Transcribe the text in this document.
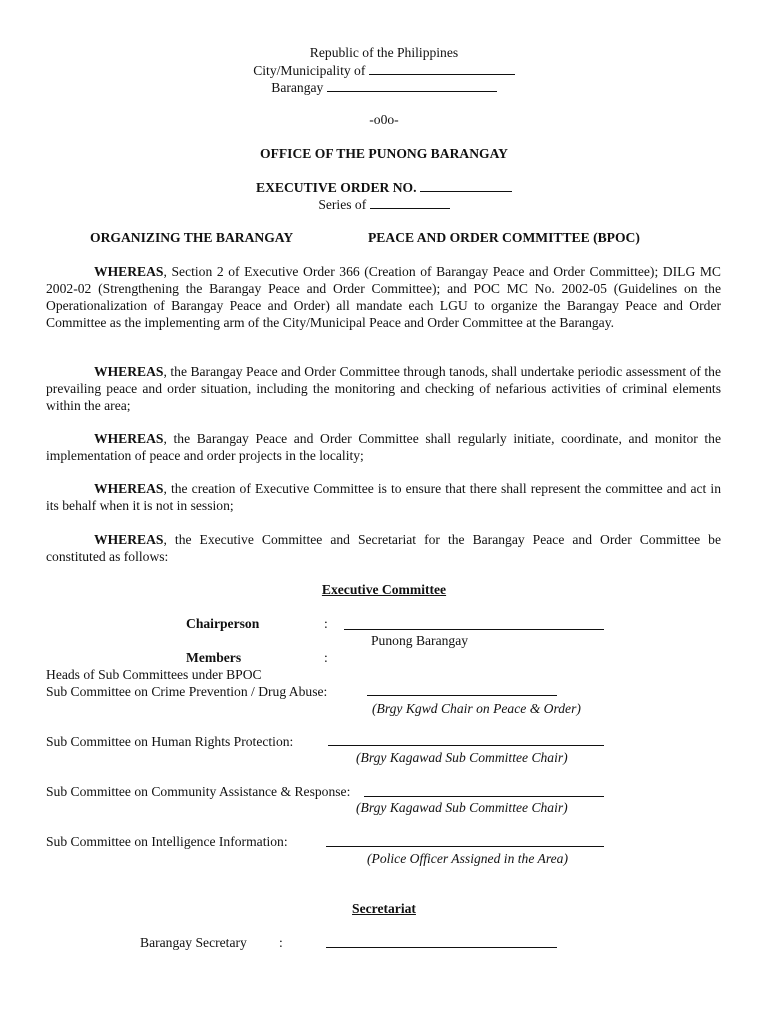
Republic of the Philippines
City/Municipality of
Barangay
-o0o-
OFFICE OF THE PUNONG BARANGAY
EXECUTIVE ORDER NO.
Series of
ORGANIZING THE BARANGAY	PEACE AND ORDER COMMITTEE (BPOC)
WHEREAS, Section 2 of Executive Order 366 (Creation of Barangay Peace and Order Committee); DILG MC 2002-02 (Strengthening the Barangay Peace and Order Committee); and POC MC No. 2002-05 (Guidelines on the Operationalization of Barangay Peace and Order) all mandate each LGU to organize the Barangay Peace and Order Committee as the implementing arm of the City/Municipal Peace and Order Committee at the Barangay.
WHEREAS, the Barangay Peace and Order Committee through tanods, shall undertake periodic assessment of the prevailing peace and order situation, including the monitoring and checking of nefarious activities of criminal elements within the area;
WHEREAS, the Barangay Peace and Order Committee shall regularly initiate, coordinate, and monitor the implementation of peace and order projects in the locality;
WHEREAS, the creation of Executive Committee is to ensure that there shall represent the committee and act in its behalf when it is not in session;
WHEREAS, the Executive Committee and Secretariat for the Barangay Peace and Order Committee be constituted as follows:
Executive Committee
Chairperson	:
Punong Barangay
Members	:
Heads of Sub Committees under BPOC
Sub Committee on Crime Prevention / Drug Abuse:
(Brgy Kgwd Chair on Peace & Order)
Sub Committee on Human Rights Protection:
(Brgy Kagawad Sub Committee Chair)
Sub Committee on Community Assistance & Response:
(Brgy Kagawad Sub Committee Chair)
Sub Committee on Intelligence Information:
(Police Officer Assigned in the Area)
Secretariat
Barangay Secretary :
